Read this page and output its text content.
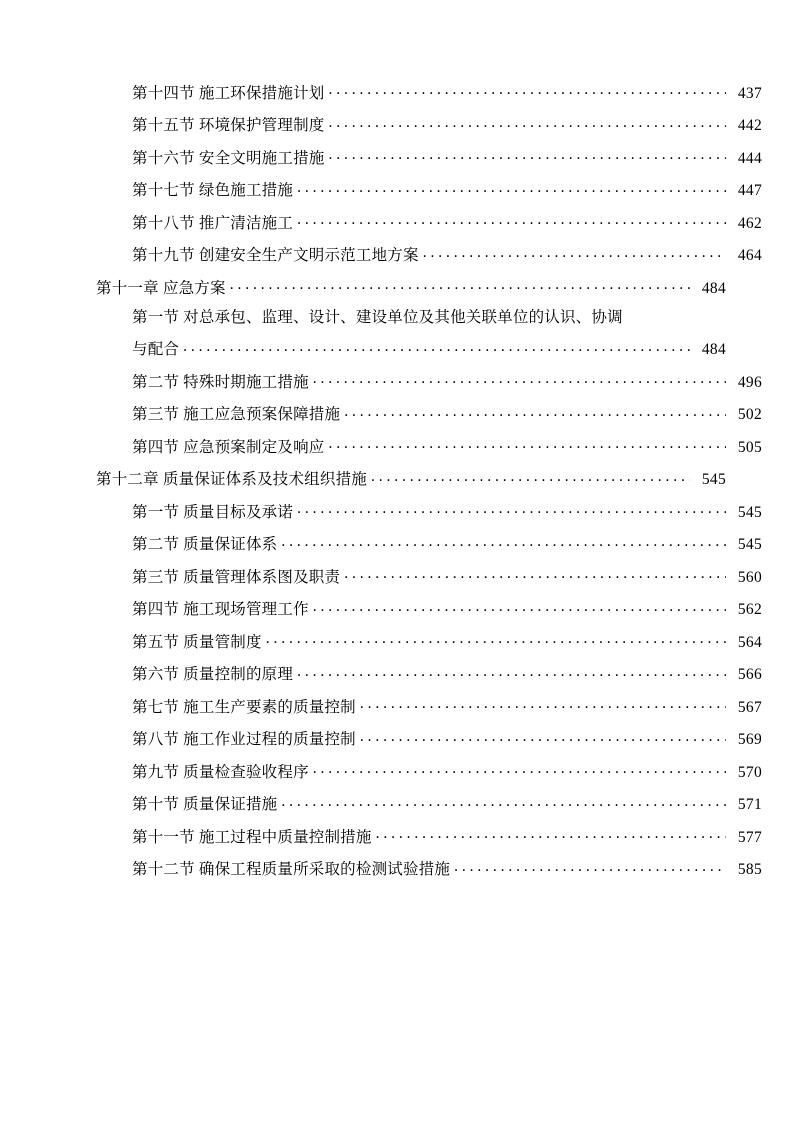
第十四节 施工环保措施计划 . . .	437
第十五节 环境保护管理制度 . . .	442
第十六节 安全文明施工措施 . . .	444
第十七节 绿色施工措施 . . .	447
第十八节 推广清洁施工 . . .	462
第十九节 创建安全生产文明示范工地方案 . . .	464
第十一章 应急方案 . . .	484
第一节 对总承包、监理、设计、建设单位及其他关联单位的认识、协调
与配合 . . .	484
第二节 特殊时期施工措施 . . .	496
第三节 施工应急预案保障措施 . . .	502
第四节 应急预案制定及响应 . . .	505
第十二章 质量保证体系及技术组织措施 . . .	545
第一节 质量目标及承诺 . . .	545
第二节 质量保证体系 . . .	545
第三节 质量管理体系图及职责 . . .	560
第四节 施工现场管理工作 . . .	562
第五节 质量管制度 . . .	564
第六节 质量控制的原理 . . .	566
第七节 施工生产要素的质量控制 . . .	567
第八节 施工作业过程的质量控制 . . .	569
第九节 质量检查验收程序 . . .	570
第十节 质量保证措施 . . .	571
第十一节 施工过程中质量控制措施 . . .	577
第十二节 确保工程质量所采取的检测试验措施 . . .	585
